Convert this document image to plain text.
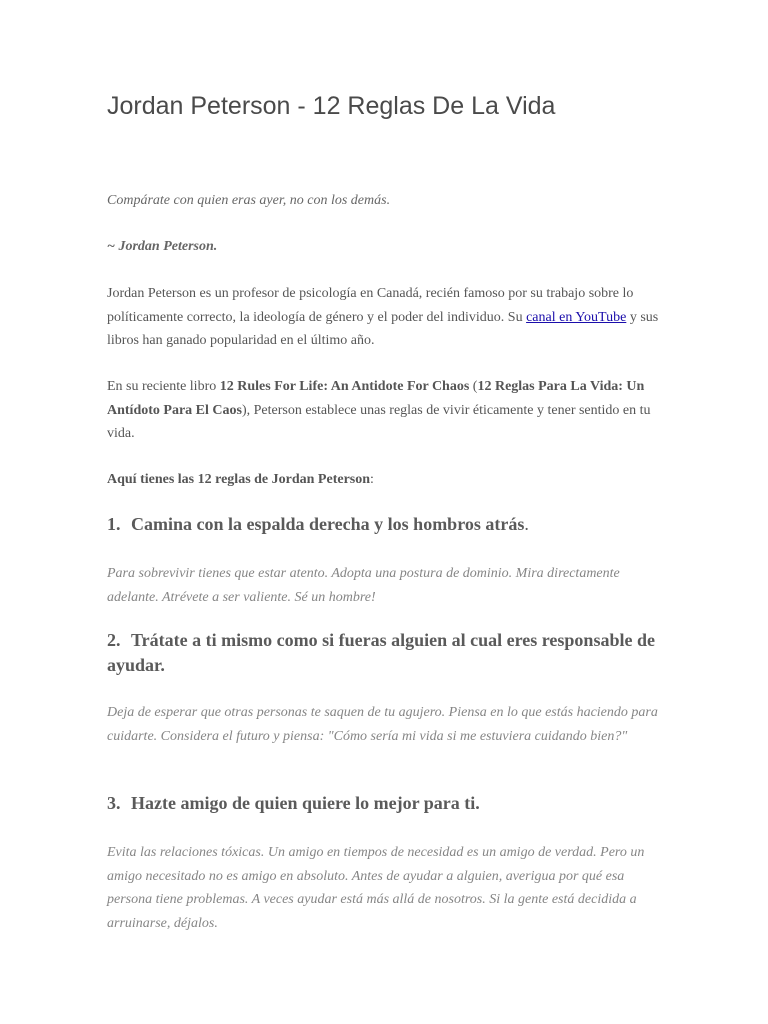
Jordan Peterson - 12 Reglas De La Vida

Compárate con quien eras ayer, no con los demás.

~ Jordan Peterson.

Jordan Peterson es un profesor de psicología en Canadá, recién famoso por su trabajo sobre lo políticamente correcto, la ideología de género y el poder del individuo. Su canal en YouTube y sus libros han ganado popularidad en el último año.

En su reciente libro 12 Rules For Life: An Antidote For Chaos (12 Reglas Para La Vida: Un Antídoto Para El Caos), Peterson establece unas reglas de vivir éticamente y tener sentido en tu vida.

Aquí tienes las 12 reglas de Jordan Peterson:

1. Camina con la espalda derecha y los hombros atrás.

Para sobrevivir tienes que estar atento. Adopta una postura de dominio. Mira directamente adelante. Atrévete a ser valiente. Sé un hombre!

2. Trátate a ti mismo como si fueras alguien al cual eres responsable de ayudar.

Deja de esperar que otras personas te saquen de tu agujero. Piensa en lo que estás haciendo para cuidarte. Considera el futuro y piensa: "Cómo sería mi vida si me estuviera cuidando bien?"

3. Hazte amigo de quien quiere lo mejor para ti.

Evita las relaciones tóxicas. Un amigo en tiempos de necesidad es un amigo de verdad. Pero un amigo necesitado no es amigo en absoluto. Antes de ayudar a alguien, averigua por qué esa persona tiene problemas. A veces ayudar está más allá de nosotros. Si la gente está decidida a arruinarse, déjalos.
